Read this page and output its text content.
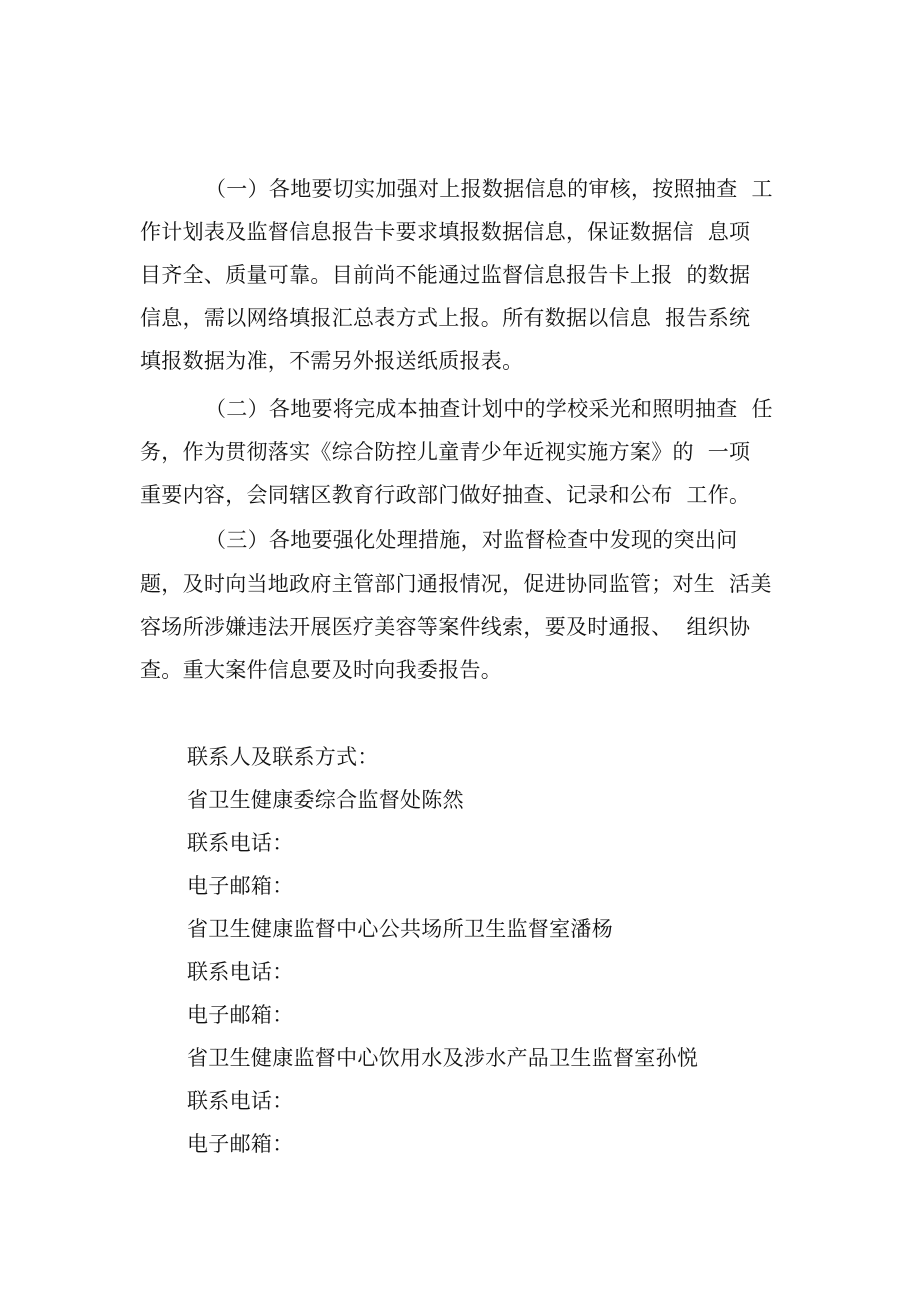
（一）各地要切实加强对上报数据信息的审核，按照抽查  工
作计划表及监督信息报告卡要求填报数据信息，保证数据信  息项
目齐全、质量可靠。目前尚不能通过监督信息报告卡上报  的数据
信息，需以网络填报汇总表方式上报。所有数据以信息  报告系统
填报数据为准，不需另外报送纸质报表。
（二）各地要将完成本抽查计划中的学校采光和照明抽查  任
务，作为贯彻落实《综合防控儿童青少年近视实施方案》的  一项
重要内容，会同辖区教育行政部门做好抽查、记录和公布  工作。
（三）各地要强化处理措施，对监督检查中发现的突出问
题，及时向当地政府主管部门通报情况，促进协同监管；对生  活美
容场所涉嫌违法开展医疗美容等案件线索，要及时通报、  组织协
查。重大案件信息要及时向我委报告。
联系人及联系方式：
省卫生健康委综合监督处陈然
联系电话：
电子邮箱：
省卫生健康监督中心公共场所卫生监督室潘杨
联系电话：
电子邮箱：
省卫生健康监督中心饮用水及涉水产品卫生监督室孙悦
联系电话：
电子邮箱：
